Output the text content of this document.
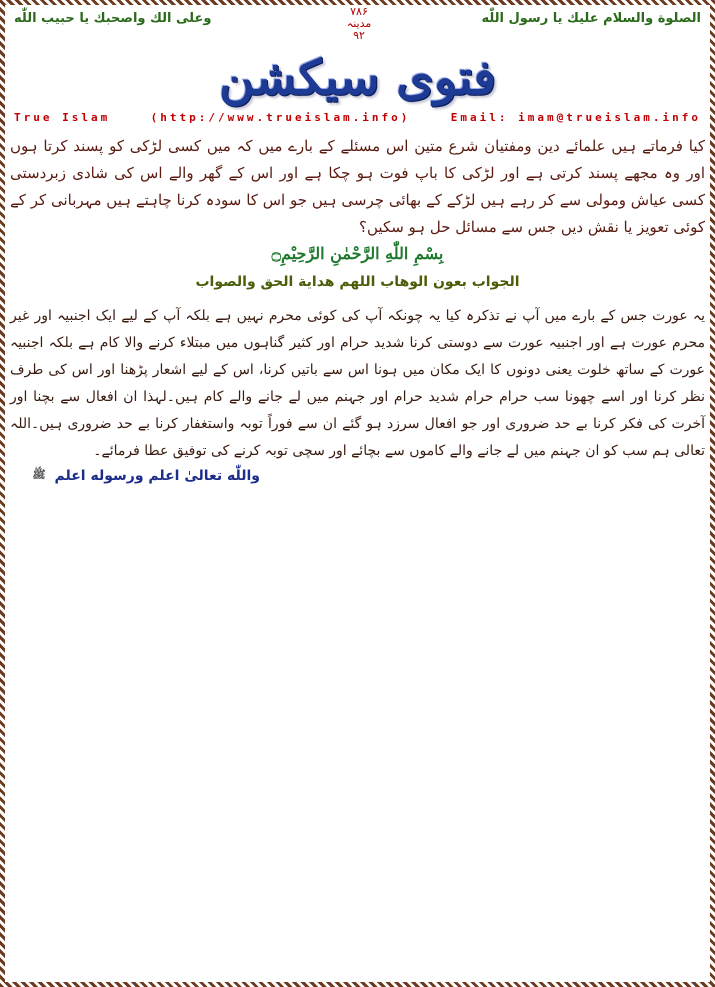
الصلوة والسلام عليك يا رسول اللّٰه
۷۸۶
مدینہ
۹۲
وعلى الك واصحبك يا حبيب اللّٰه
فتوی سیکشن
True Islam	(http://www.trueislam.info)	Email: imam@trueislam.info
کیا فرماتے ہیں علمائے دین ومفتیان شرع متین اس مسئلے کے بارے میں کہ میں کسی لڑکی کو پسند کرتا ہوں اور وہ مجھے پسند کرتی ہے اور لڑکی کا باپ فوت ہو چکا ہے اور اس کے گھر والے اس کی شادی زبردستی کسی عیاش ومولی سے کر رہے ہیں لڑکے کے بھائی چرسی ہیں جو اس کا سودہ کرنا چاہتے ہیں مہربانی کر کے کوئی تعویز یا نقش دیں جس سے مسائل حل ہو سکیں؟
بِسْمِ اللّٰهِ الرَّحْمٰنِ الرَّحِيْمِ۝
الجواب بعون الوهاب اللهم هداية الحق والصواب
یہ عورت جس کے بارے میں آپ نے تذکرہ کیا یہ چونکہ آپ کی کوئی محرم نہیں ہے بلکہ آپ کے لیے ایک اجنبیہ اور غیر محرم عورت ہے اور اجنبیہ عورت سے دوستی کرنا شدید حرام اور کثیر گناہوں میں مبتلاء کرنے والا کام ہے بلکہ اجنبیہ عورت کے ساتھ خلوت یعنی دونوں کا ایک مکان میں ہونا اس سے باتیں کرنا، اس کے لیے اشعار پڑھنا اور اس کی طرف نظر کرنا اور اسے چھونا سب حرام حرام شدید حرام اور جہنم میں لے جانے والے کام ہیں۔لہذا ان افعال سے بچنا اور آخرت کی فکر کرنا بے حد ضروری اور جو افعال سرزد ہو گئے ان سے فوراً توبہ واستغفار کرنا بے حد ضروری ہیں۔اللہ تعالی ہم سب کو ان جہنم میں لے جانے والے کاموں سے بچائے اور سچی توبہ کرنے کی توفیق عطا فرمائے۔
واللّٰه تعالیٰ اعلم ورسوله اعلم ﷺ
